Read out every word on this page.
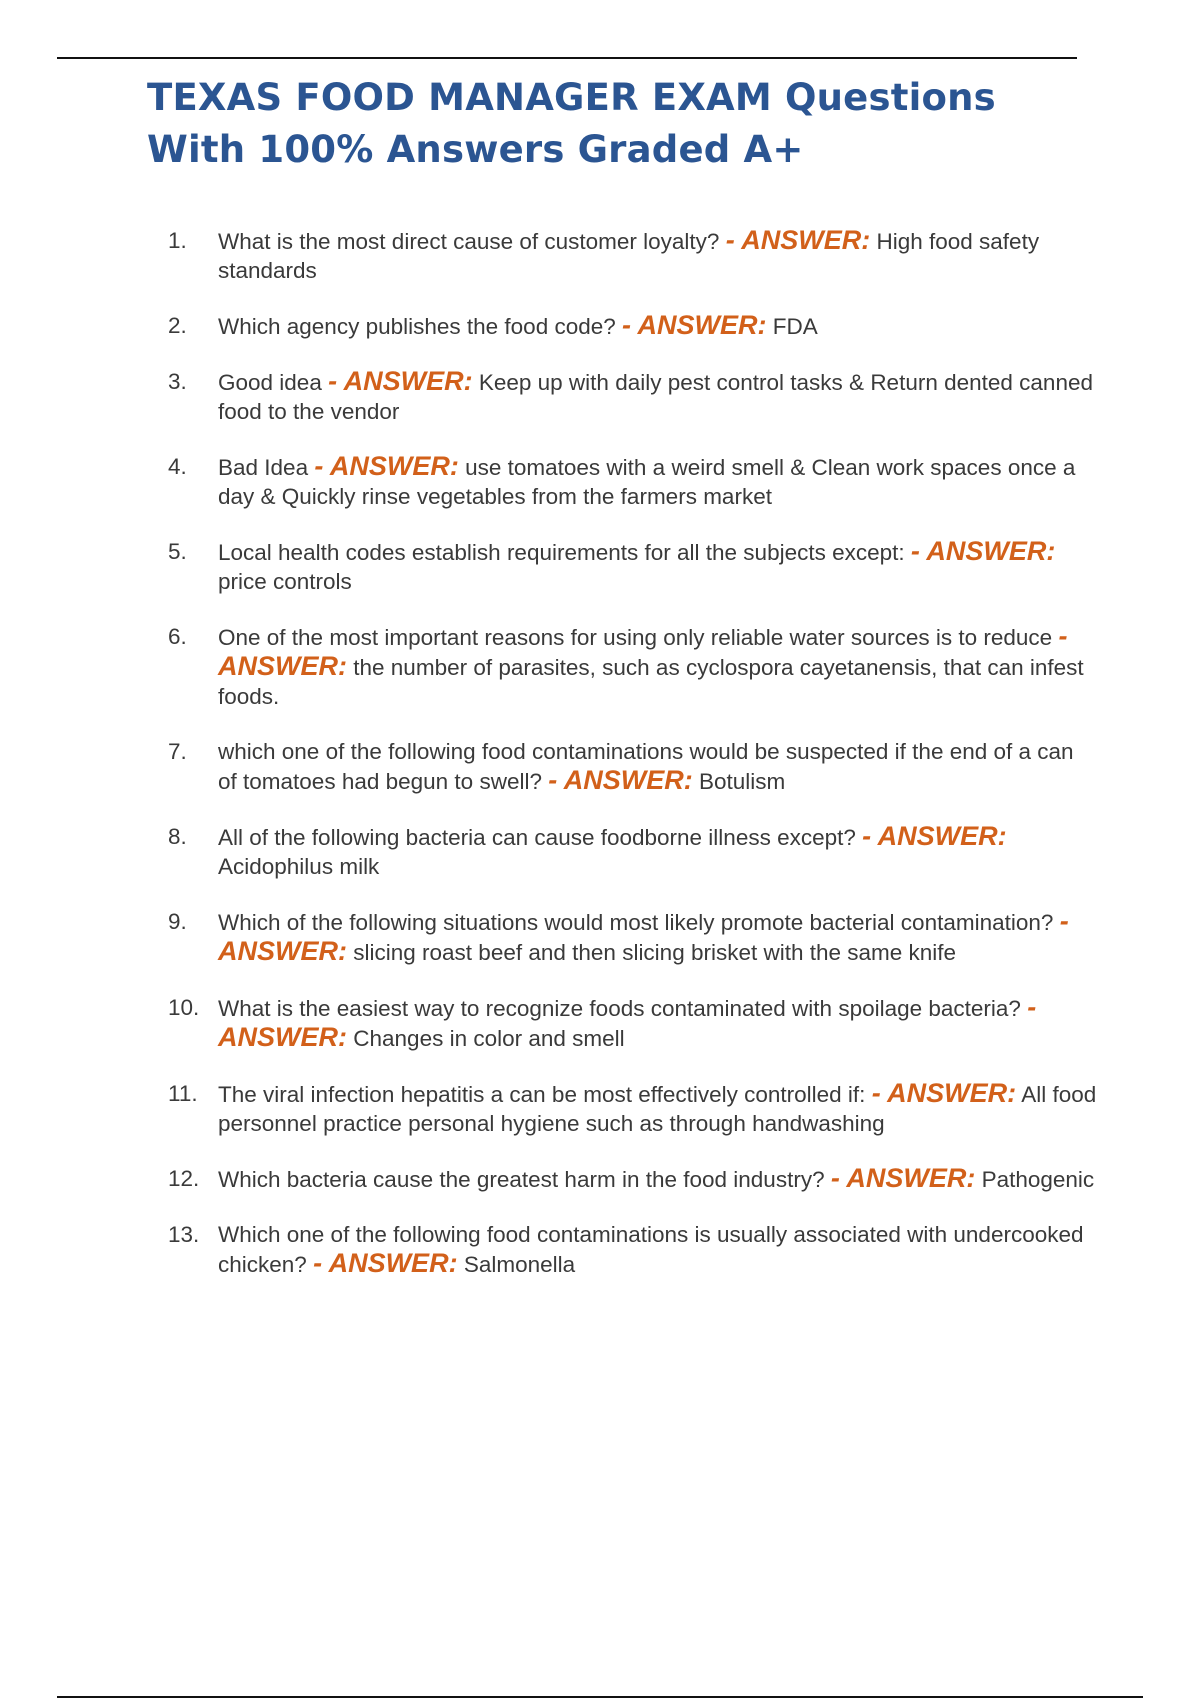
TEXAS FOOD MANAGER EXAM Questions With 100% Answers Graded A+
1.	What is the most direct cause of customer loyalty? - ANSWER: High food safety standards
2.	Which agency publishes the food code? - ANSWER: FDA
3.	Good idea - ANSWER: Keep up with daily pest control tasks & Return dented canned food to the vendor
4.	Bad Idea - ANSWER: use tomatoes with a weird smell & Clean work spaces once a day & Quickly rinse vegetables from the farmers market
5.	Local health codes establish requirements for all the subjects except: - ANSWER: price controls
6.	One of the most important reasons for using only reliable water sources is to reduce - ANSWER: the number of parasites, such as cyclospora cayetanensis, that can infest foods.
7.	which one of the following food contaminations would be suspected if the end of a can of tomatoes had begun to swell? - ANSWER: Botulism
8.	All of the following bacteria can cause foodborne illness except? - ANSWER: Acidophilus milk
9.	Which of the following situations would most likely promote bacterial contamination? - ANSWER: slicing roast beef and then slicing brisket with the same knife
10. What is the easiest way to recognize foods contaminated with spoilage bacteria? - ANSWER: Changes in color and smell
11. The viral infection hepatitis a can be most effectively controlled if: - ANSWER: All food personnel practice personal hygiene such as through handwashing
12. Which bacteria cause the greatest harm in the food industry? - ANSWER: Pathogenic
13. Which one of the following food contaminations is usually associated with undercooked chicken? - ANSWER: Salmonella
